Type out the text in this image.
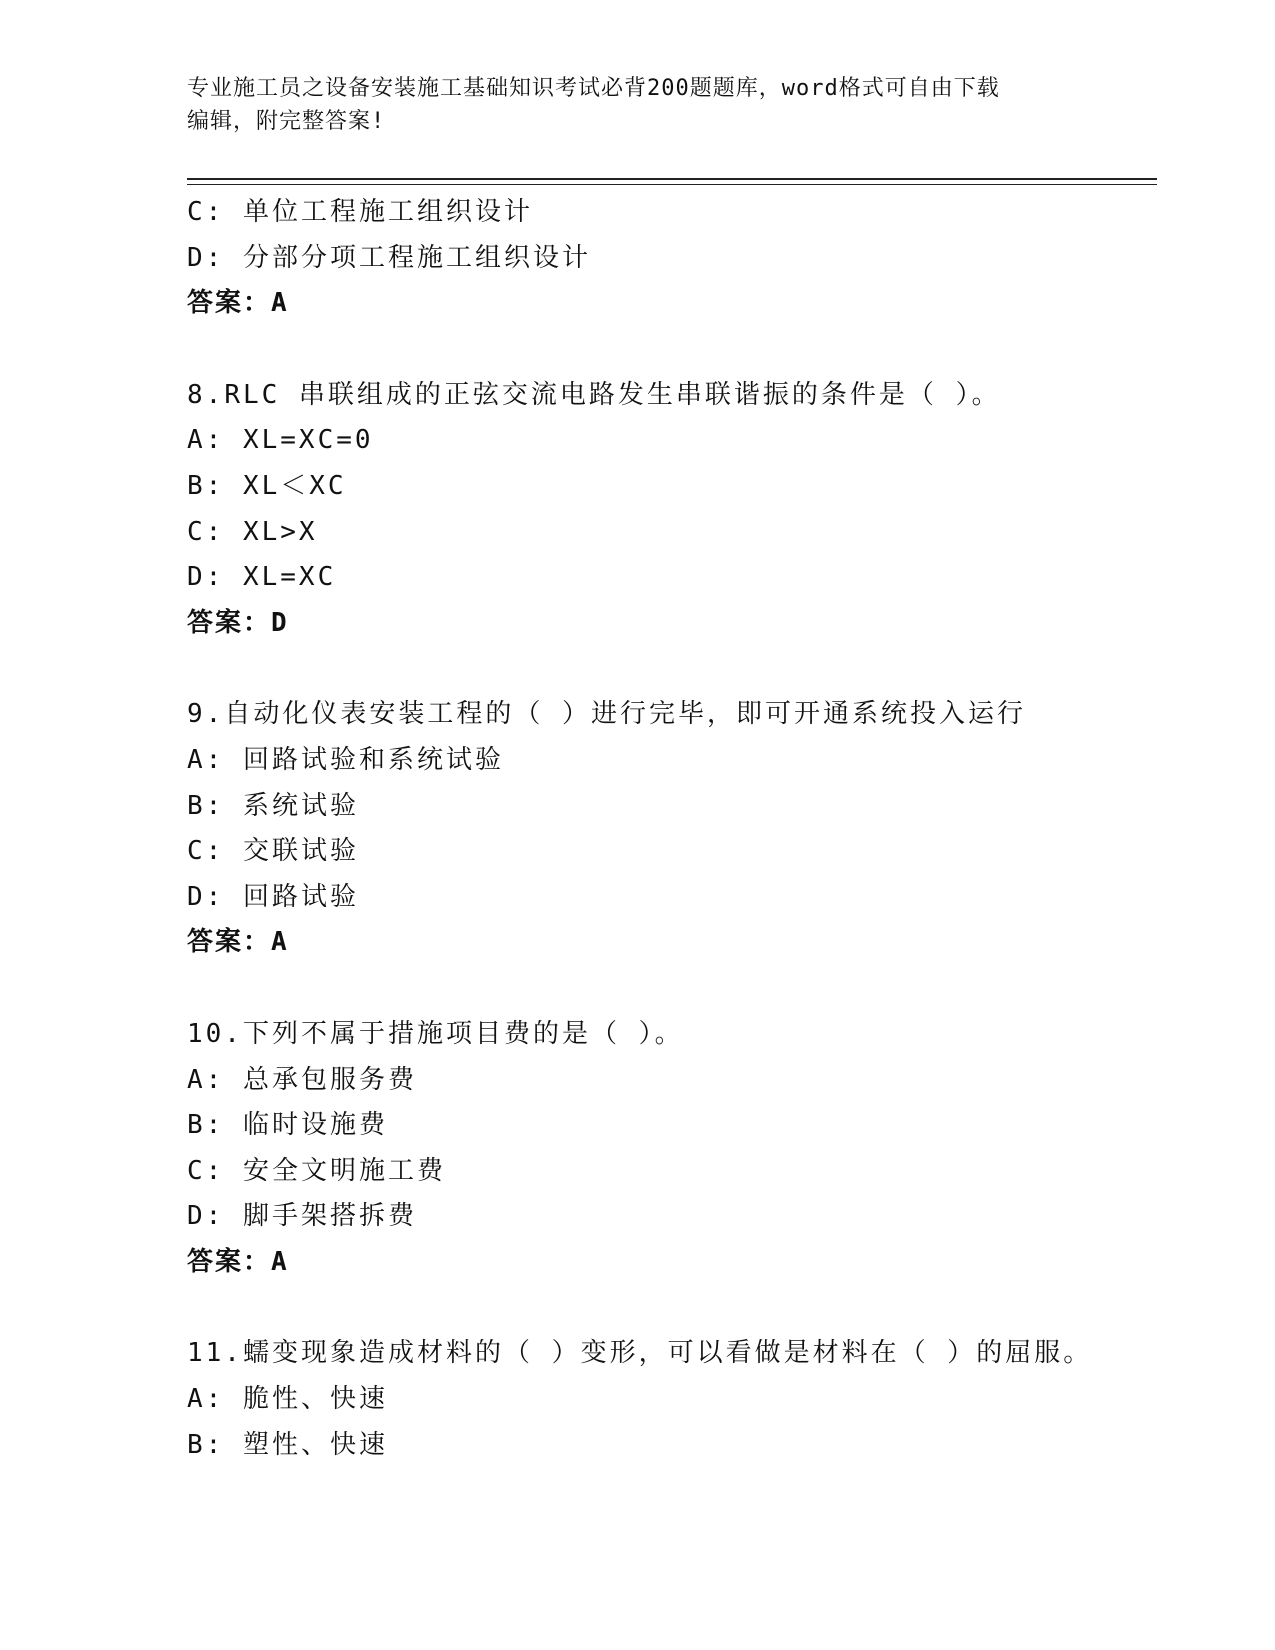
专业施工员之设备安装施工基础知识考试必背200题题库，word格式可自由下载
编辑，附完整答案!
C: 单位工程施工组织设计
D: 分部分项工程施工组织设计
答案：A
8.RLC 串联组成的正弦交流电路发生串联谐振的条件是（ ）。
A: XL=XC=0
B: XL＜XC
C: XL>X
D: XL=XC
答案：D
9.自动化仪表安装工程的（ ）进行完毕，即可开通系统投入运行
A: 回路试验和系统试验
B: 系统试验
C: 交联试验
D: 回路试验
答案：A
10.下列不属于措施项目费的是（ ）。
A: 总承包服务费
B: 临时设施费
C: 安全文明施工费
D: 脚手架搭拆费
答案：A
11.蠕变现象造成材料的（ ）变形，可以看做是材料在（ ）的屈服。
A: 脆性、快速
B: 塑性、快速
